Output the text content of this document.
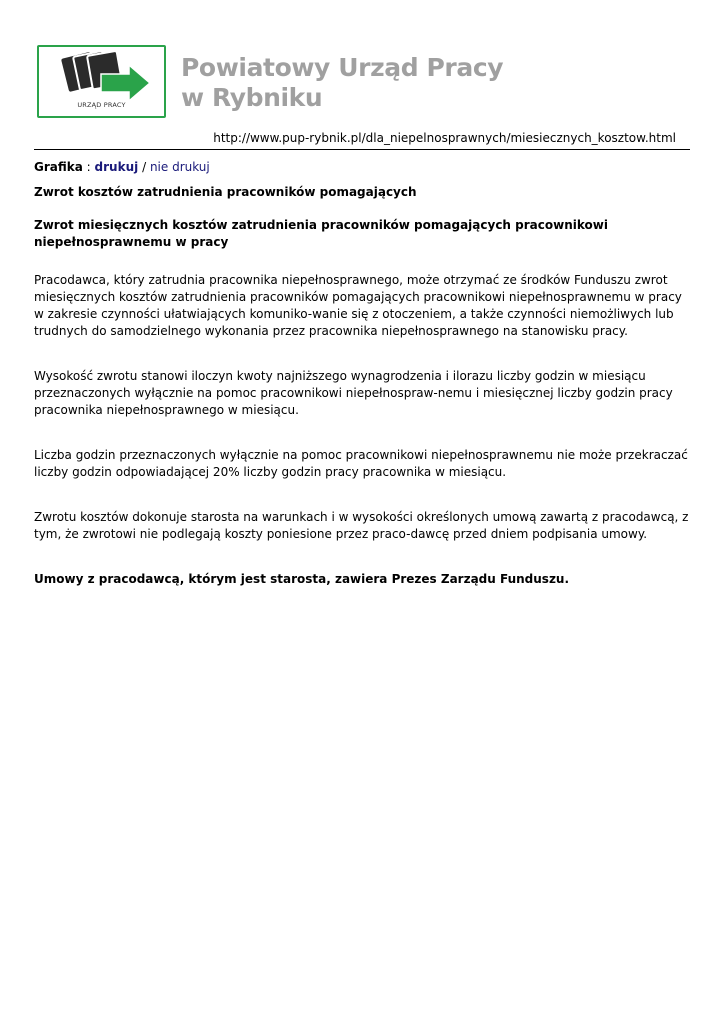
URZĄD PRACY
Powiatowy Urząd Pracy
w Rybniku
http://www.pup-rybnik.pl/dla_niepelnosprawnych/miesiecznych_kosztow.html

Grafika : drukuj / nie drukuj

Zwrot kosztów zatrudnienia pracowników pomagających
Zwrot miesięcznych kosztów zatrudnienia pracowników pomagających pracownikowi niepełnosprawnemu w pracy

Pracodawca, który zatrudnia pracownika niepełnosprawnego, może otrzymać ze środków Funduszu zwrot miesięcznych kosztów zatrudnienia pracowników pomagających pracownikowi niepełnosprawnemu w pracy w zakresie czynności ułatwiających komuniko-wanie się z otoczeniem, a także czynności niemożliwych lub trudnych do samodzielnego wykonania przez pracownika niepełnosprawnego na stanowisku pracy.

Wysokość zwrotu stanowi iloczyn kwoty najniższego wynagrodzenia i ilorazu liczby godzin w miesiącu przeznaczonych wyłącznie na pomoc pracownikowi niepełnospraw-nemu i miesięcznej liczby godzin pracy pracownika niepełnosprawnego w miesiącu.

Liczba godzin przeznaczonych wyłącznie na pomoc pracownikowi niepełnosprawnemu nie może przekraczać liczby godzin odpowiadającej 20% liczby godzin pracy pracownika w miesiącu.

Zwrotu kosztów dokonuje starosta na warunkach i w wysokości określonych umową zawartą z pracodawcą, z tym, że zwrotowi nie podlegają koszty poniesione przez praco-dawcę przed dniem podpisania umowy.

Umowy z pracodawcą, którym jest starosta, zawiera Prezes Zarządu Funduszu.
